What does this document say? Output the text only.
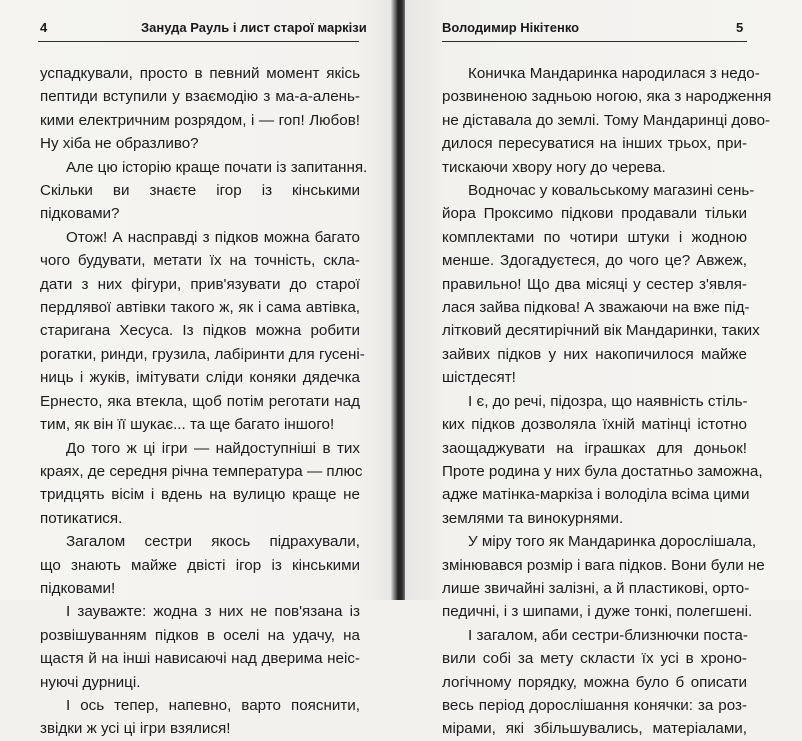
4	Зануда Рауль і лист старої маркізи
успадкували, просто в певний момент якісь
пептиди вступили у взаємодію з ма-а-алень-
кими електричним розрядом, і — гоп! Любов!
Ну хіба не образливо?
Але цю історію краще почати із запитання.
Скільки ви знаєте ігор із кінськими
підковами?
Отож! А насправді з підков можна багато
чого будувати, метати їх на точність, скла-
дати з них фігури, прив'язувати до старої
пердлявої автівки такого ж, як і сама автівка,
старигана Хесуса. Із підков можна робити
рогатки, ринди, грузила, лабіринти для гусені-
ниць і жуків, імітувати сліди коняки дядечка
Ернесто, яка втекла, щоб потім реготати над
тим, як він її шукає... та ще багато іншого!
До того ж ці ігри — найдоступніші в тих
краях, де середня річна температура — плюс
тридцять вісім і вдень на вулицю краще не
потикатися.
Загалом сестри якось підрахували,
що знають майже двісті ігор із кінськими
підковами!
І зауважте: жодна з них не пов'язана із
розвішуванням підков в оселі на удачу, на
щастя й на інші нависаючі над дверима неіс-
нуючі дурниці.
І ось тепер, напевно, варто пояснити,
звідки ж усі ці ігри взялися!
Володимир Нікітенко	5
Коничка Мандаринка народилася з недо-
розвиненою задньою ногою, яка з народження
не діставала до землі. Тому Мандаринці дово-
дилося пересуватися на інших трьох, при-
тискаючи хвору ногу до черева.
Водночас у ковальському магазині сень-
йора Проксимо підкови продавали тільки
комплектами по чотири штуки і жодною
менше. Здогадуєтеся, до чого це? Авжеж,
правильно! Що два місяці у сестер з'явля-
лася зайва підкова! А зважаючи на вже під-
літковий десятирічний вік Мандаринки, таких
зайвих підков у них накопичилося майже
шістдесят!
І є, до речі, підозра, що наявність стіль-
ких підков дозволяла їхній матінці істотно
заощаджувати на іграшках для доньок!
Проте родина у них була достатньо заможна,
адже матінка-маркіза і володіла всіма цими
землями та винокурнями.
У міру того як Мандаринка дорослішала,
змінювався розмір і вага підков. Вони були не
лише звичайні залізні, а й пластикові, орто-
педичні, і з шипами, і дуже тонкі, полегшені.
І загалом, аби сестри-близнючки поста-
вили собі за мету скласти їх усі в хроно-
логічному порядку, можна було б описати
весь період дорослішання конячки: за роз-
мірами, які збільшувались, матеріалами,
